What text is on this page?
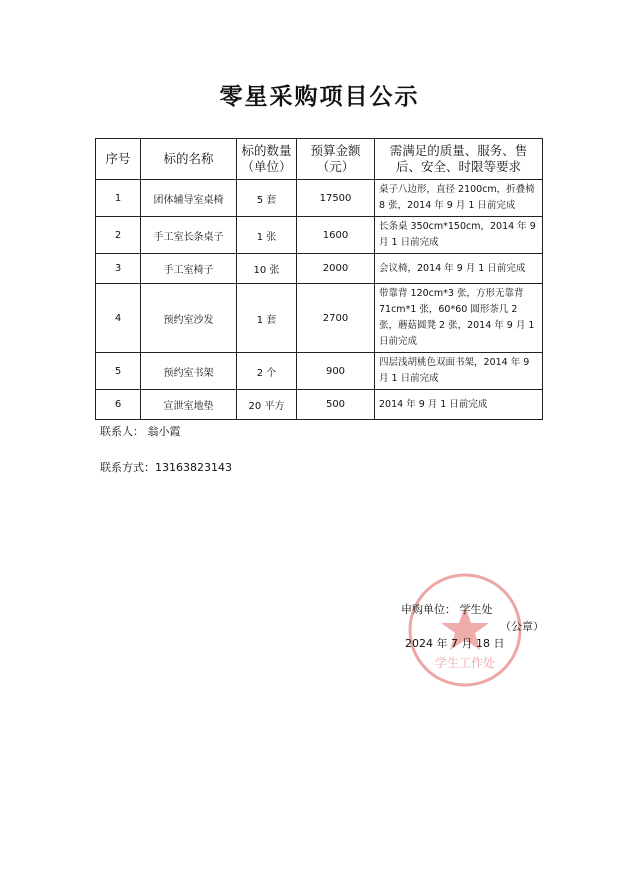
零星采购项目公示
序号	标的名称	标的数量（单位）	预算金额（元）	需满足的质量、服务、售后、安全、时限等要求
1	团体辅导室桌椅	5 套	17500	桌子八边形，直径 2100cm，折叠椅 8 张，2014 年 9 月 1 日前完成
2	手工室长条桌子	1 张	1600	长条桌 350cm*150cm，2014 年 9 月 1 日前完成
3	手工室椅子	10 张	2000	会议椅，2014 年 9 月 1 日前完成
4	预约室沙发	1 套	2700	带靠背 120cm*3 张，方形无靠背 71cm*1 张，60*60 圆形茶几 2 张，蘑菇圆凳 2 张，2014 年 9 月 1 日前完成
5	预约室书架	2 个	900	四层浅胡桃色双面书架，2014 年 9 月 1 日前完成
6	宣泄室地垫	20 平方	500	2014 年 9 月 1 日前完成
联系人： 翁小霞
联系方式：13163823143
学生工作处
申购单位： 学生处
（公章）
2024 年 7 月 18 日
